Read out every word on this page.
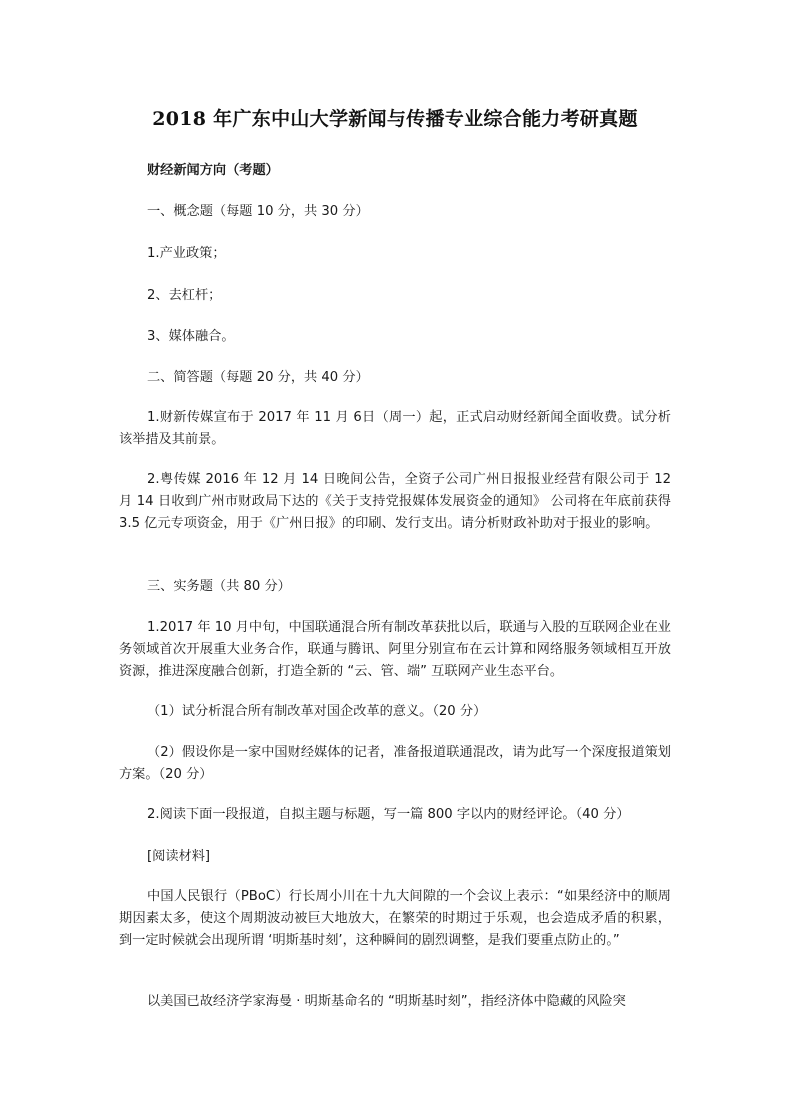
2018 年广东中山大学新闻与传播专业综合能力考研真题
财经新闻方向（考题）
一、概念题（每题 10 分，共 30 分）
1.产业政策；
2、去杠杆；
3、媒体融合。
二、简答题（每题 20 分，共 40 分）
1.财新传媒宣布于 2017 年 11 月 6日（周一）起，正式启动财经新闻全面收费。试分析该举措及其前景。
2.粤传媒 2016 年 12 月 14 日晚间公告，全资子公司广州日报报业经营有限公司于 12 月 14 日收到广州市财政局下达的《关于支持党报媒体发展资金的通知》 公司将在年底前获得 3.5 亿元专项资金，用于《广州日报》的印刷、发行支出。请分析财政补助对于报业的影响。
三、实务题（共 80 分）
1.2017 年 10 月中旬，中国联通混合所有制改革获批以后，联通与入股的互联网企业在业务领域首次开展重大业务合作，联通与腾讯、阿里分别宣布在云计算和网络服务领域相互开放资源，推进深度融合创新，打造全新的 “云、管、端” 互联网产业生态平台。
（1）试分析混合所有制改革对国企改革的意义。（20 分）
（2）假设你是一家中国财经媒体的记者，准备报道联通混改，请为此写一个深度报道策划方案。（20 分）
2.阅读下面一段报道，自拟主题与标题，写一篇 800 字以内的财经评论。（40 分）
[阅读材料]
中国人民银行（PBoC）行长周小川在十九大间隙的一个会议上表示：“如果经济中的顺周期因素太多，使这个周期波动被巨大地放大，在繁荣的时期过于乐观，也会造成矛盾的积累，到一定时候就会出现所谓 ‘明斯基时刻’，这种瞬间的剧烈调整，是我们要重点防止的。”
以美国已故经济学家海曼 · 明斯基命名的 “明斯基时刻”，指经济体中隐藏的风险突
